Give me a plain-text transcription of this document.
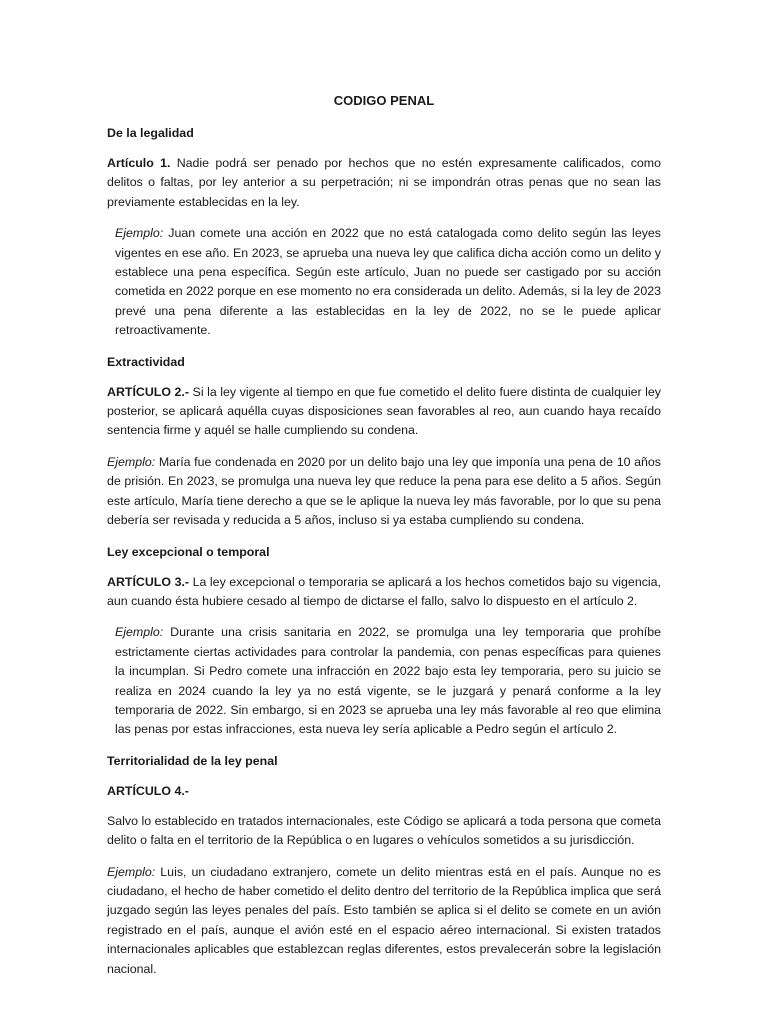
CODIGO PENAL
De la legalidad

Artículo 1. Nadie podrá ser penado por hechos que no estén expresamente calificados, como delitos o faltas, por ley anterior a su perpetración; ni se impondrán otras penas que no sean las previamente establecidas en la ley.

Ejemplo: Juan comete una acción en 2022 que no está catalogada como delito según las leyes vigentes en ese año. En 2023, se aprueba una nueva ley que califica dicha acción como un delito y establece una pena específica. Según este artículo, Juan no puede ser castigado por su acción cometida en 2022 porque en ese momento no era considerada un delito. Además, si la ley de 2023 prevé una pena diferente a las establecidas en la ley de 2022, no se le puede aplicar retroactivamente.

Extractividad

ARTÍCULO 2.- Si la ley vigente al tiempo en que fue cometido el delito fuere distinta de cualquier ley posterior, se aplicará aquélla cuyas disposiciones sean favorables al reo, aun cuando haya recaído sentencia firme y aquél se halle cumpliendo su condena.

Ejemplo: María fue condenada en 2020 por un delito bajo una ley que imponía una pena de 10 años de prisión. En 2023, se promulga una nueva ley que reduce la pena para ese delito a 5 años. Según este artículo, María tiene derecho a que se le aplique la nueva ley más favorable, por lo que su pena debería ser revisada y reducida a 5 años, incluso si ya estaba cumpliendo su condena.

Ley excepcional o temporal

ARTÍCULO 3.- La ley excepcional o temporaria se aplicará a los hechos cometidos bajo su vigencia, aun cuando ésta hubiere cesado al tiempo de dictarse el fallo, salvo lo dispuesto en el artículo 2.

Ejemplo: Durante una crisis sanitaria en 2022, se promulga una ley temporaria que prohíbe estrictamente ciertas actividades para controlar la pandemia, con penas específicas para quienes la incumplan. Si Pedro comete una infracción en 2022 bajo esta ley temporaria, pero su juicio se realiza en 2024 cuando la ley ya no está vigente, se le juzgará y penará conforme a la ley temporaria de 2022. Sin embargo, si en 2023 se aprueba una ley más favorable al reo que elimina las penas por estas infracciones, esta nueva ley sería aplicable a Pedro según el artículo 2.

Territorialidad de la ley penal
ARTÍCULO 4.-

Salvo lo establecido en tratados internacionales, este Código se aplicará a toda persona que cometa delito o falta en el territorio de la República o en lugares o vehículos sometidos a su jurisdicción.

Ejemplo: Luis, un ciudadano extranjero, comete un delito mientras está en el país. Aunque no es ciudadano, el hecho de haber cometido el delito dentro del territorio de la República implica que será juzgado según las leyes penales del país. Esto también se aplica si el delito se comete en un avión registrado en el país, aunque el avión esté en el espacio aéreo internacional. Si existen tratados internacionales aplicables que establezcan reglas diferentes, estos prevalecerán sobre la legislación nacional.
